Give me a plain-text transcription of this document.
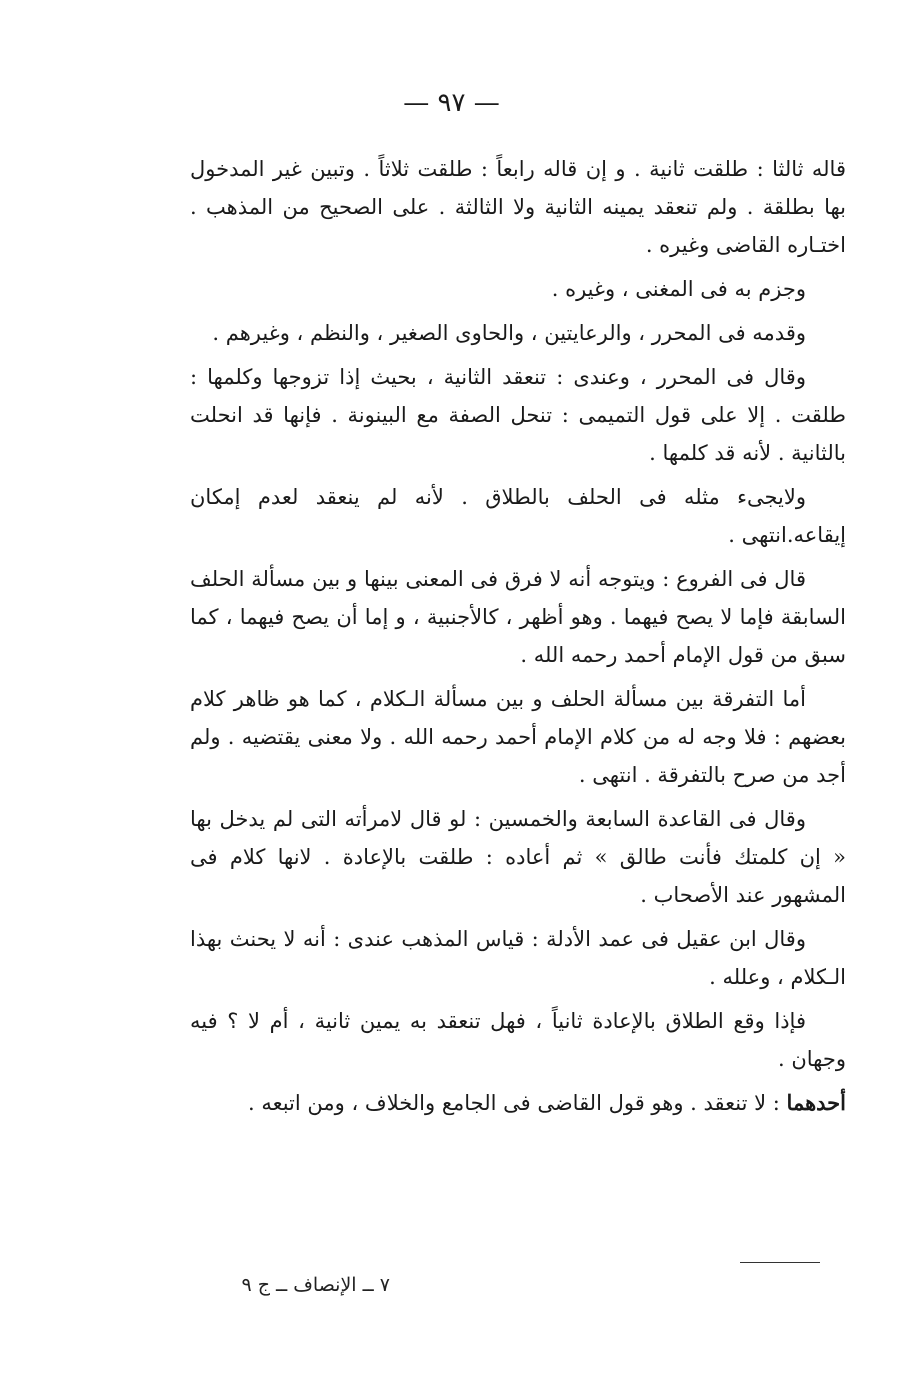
— ٩٧ —

قاله ثالثا : طلقت ثانية . و إن قاله رابعاً : طلقت ثلاثاً . وتبين غير المدخول بها بطلقة . ولم تنعقد يمينه الثانية ولا الثالثة . على الصحيح من المذهب . اختـاره القاضى وغيره .

وجزم به فى المغنى ، وغيره .

وقدمه فى المحرر ، والرعايتين ، والحاوى الصغير ، والنظم ، وغيرهم .

وقال فى المحرر ، وعندى : تنعقد الثانية ، بحيث إذا تزوجها وكلمها : طلقت . إلا على قول التميمى : تنحل الصفة مع البينونة . فإنها قد انحلت بالثانية . لأنه قد كلمها .

ولايجىء مثله فى الحلف بالطلاق . لأنه لم ينعقد لعدم إمكان إيقاعه.انتهى .

قال فى الفروع : ويتوجه أنه لا فرق فى المعنى بينها و بين مسألة الحلف السابقة فإما لا يصح فيهما . وهو أظهر ، كالأجنبية ، و إما أن يصح فيهما ، كما سبق من قول الإمام أحمد رحمه الله .

أما التفرقة بين مسألة الحلف و بين مسألة الـكلام ، كما هو ظاهر كلام بعضهم : فلا وجه له من كلام الإمام أحمد رحمه الله . ولا معنى يقتضيه . ولم أجد من صرح بالتفرقة . انتهى .

وقال فى القاعدة السابعة والخمسين : لو قال لامرأته التى لم يدخل بها « إن كلمتك فأنت طالق » ثم أعاده : طلقت بالإعادة . لانها كلام فى المشهور عند الأصحاب .

وقال ابن عقيل فى عمد الأدلة : قياس المذهب عندى : أنه لا يحنث بهذا الـكلام ، وعلله .

فإذا وقع الطلاق بالإعادة ثانياً ، فهل تنعقد به يمين ثانية ، أم لا ؟ فيه وجهان .

أحدهما : لا تنعقد . وهو قول القاضى فى الجامع والخلاف ، ومن اتبعه .

٧ ــ الإنصاف ــ ج ٩
